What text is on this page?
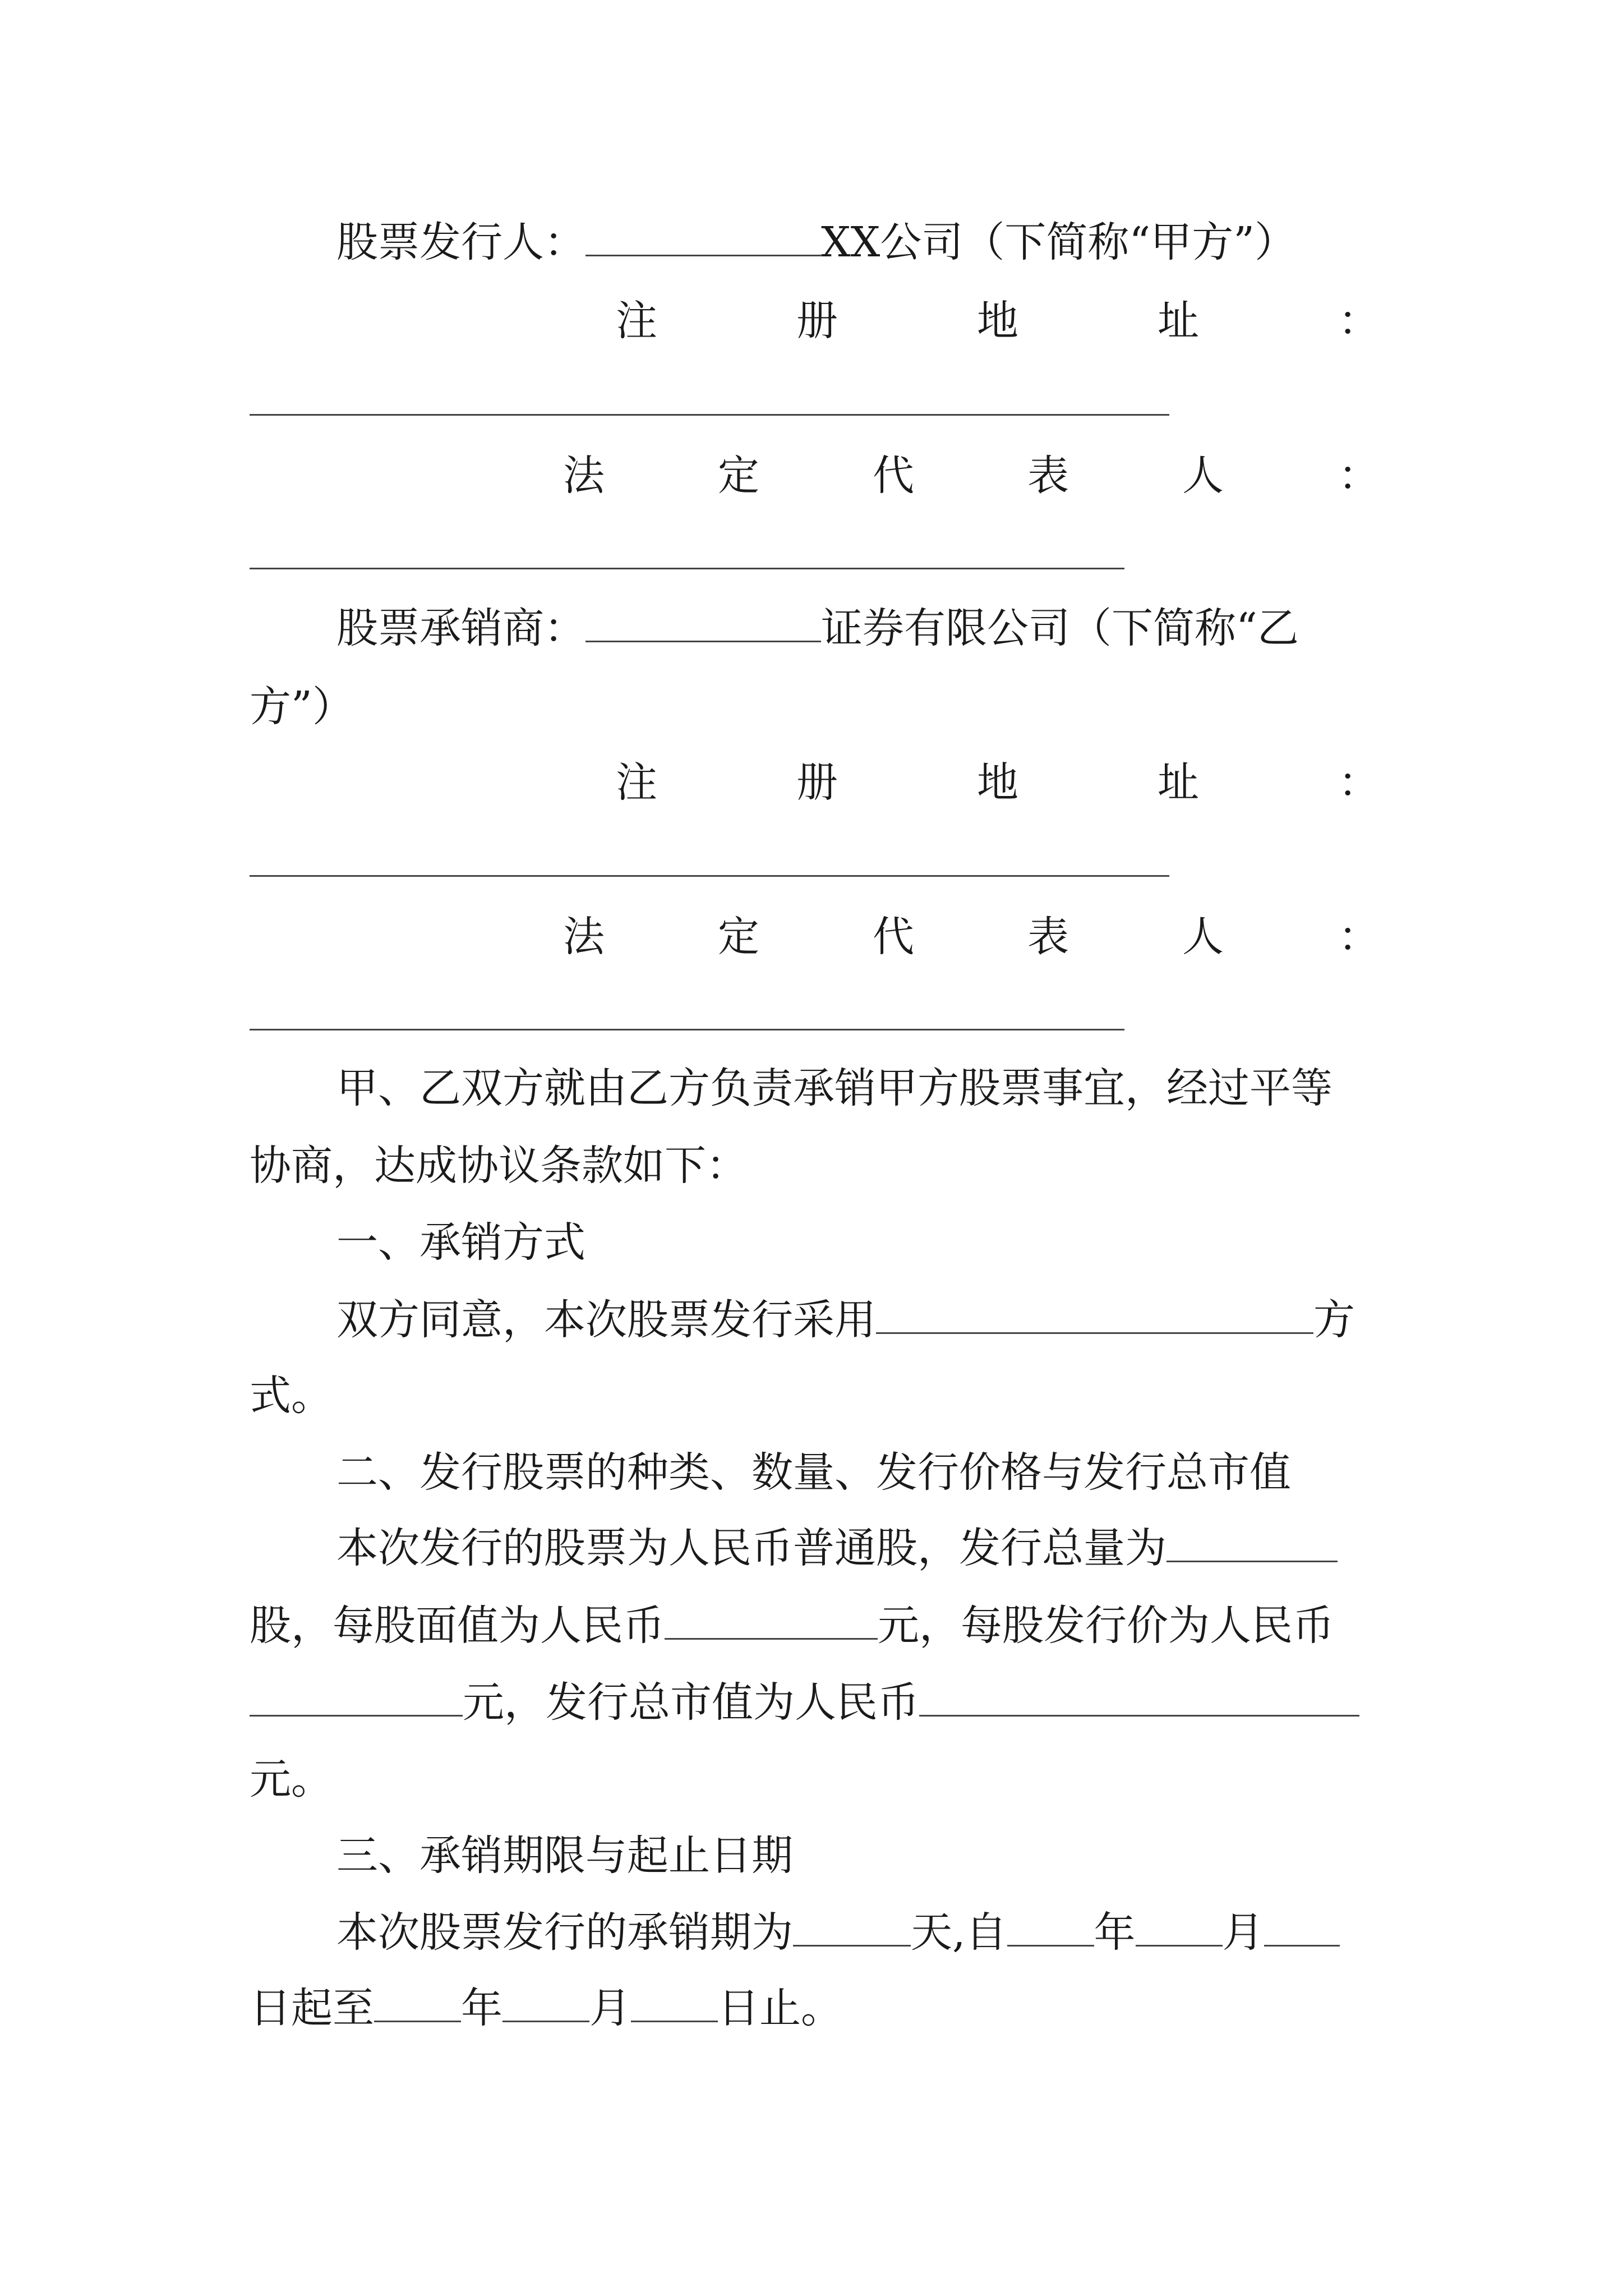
股票发行人：	XX公司（下简称“甲方”）
注	册	地	址	：
法	定	代	表	人	：
股票承销商：	证券有限公司（下简称“乙
方”）
注	册	地	址	：
法	定	代	表	人	：
甲、乙双方就由乙方负责承销甲方股票事宜，经过平等
协商，达成协议条款如下：
一、承销方式
双方同意，本次股票发行采用	方
式。
二、发行股票的种类、数量、发行价格与发行总市值
本次发行的股票为人民币普通股，发行总量为
股，每股面值为人民币	元，每股发行价为人民币
元，发行总市值为人民币
元。
三、承销期限与起止日期
本次股票发行的承销期为	天,自 年 月
日起至 年 月 日止。
